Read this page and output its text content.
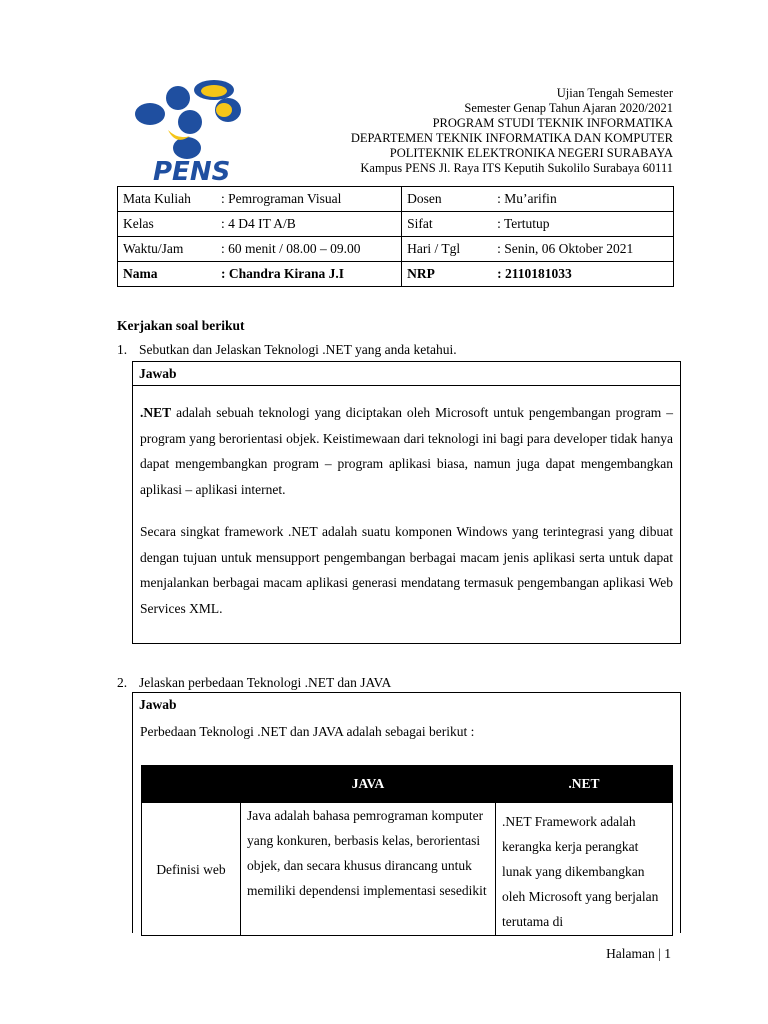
PENS
Ujian Tengah Semester
Semester Genap Tahun Ajaran 2020/2021
PROGRAM STUDI TEKNIK INFORMATIKA
DEPARTEMEN TEKNIK INFORMATIKA DAN KOMPUTER
POLITEKNIK ELEKTRONIKA NEGERI SURABAYA
Kampus PENS Jl. Raya ITS Keputih Sukolilo Surabaya 60111
Mata Kuliah	: Pemrograman Visual	Dosen	: Mu’arifin
Kelas	: 4 D4 IT A/B	Sifat	: Tertutup
Waktu/Jam	: 60 menit / 08.00 – 09.00	Hari / Tgl	: Senin, 06 Oktober 2021
Nama	: Chandra Kirana J.I	NRP	: 2110181033
Kerjakan soal berikut
1. Sebutkan dan Jelaskan Teknologi .NET yang anda ketahui.
Jawab
.NET adalah sebuah teknologi yang diciptakan oleh Microsoft untuk pengembangan program – program yang berorientasi objek. Keistimewaan dari teknologi ini bagi para developer tidak hanya dapat mengembangkan program – program aplikasi biasa, namun juga dapat mengembangkan aplikasi – aplikasi internet.
Secara singkat framework .NET adalah suatu komponen Windows yang terintegrasi yang dibuat dengan tujuan untuk mensupport pengembangan berbagai macam jenis aplikasi serta untuk dapat menjalankan berbagai macam aplikasi generasi mendatang termasuk pengembangan aplikasi Web Services XML.
2. Jelaskan perbedaan Teknologi .NET dan JAVA
Jawab
Perbedaan Teknologi .NET dan JAVA adalah sebagai berikut :
	JAVA	.NET
Definisi web	Java adalah bahasa pemrograman komputer yang konkuren, berbasis kelas, berorientasi objek, dan secara khusus dirancang untuk memiliki dependensi implementasi sesedikit	.NET Framework adalah kerangka kerja perangkat lunak yang dikembangkan oleh Microsoft yang berjalan terutama di
Halaman | 1
